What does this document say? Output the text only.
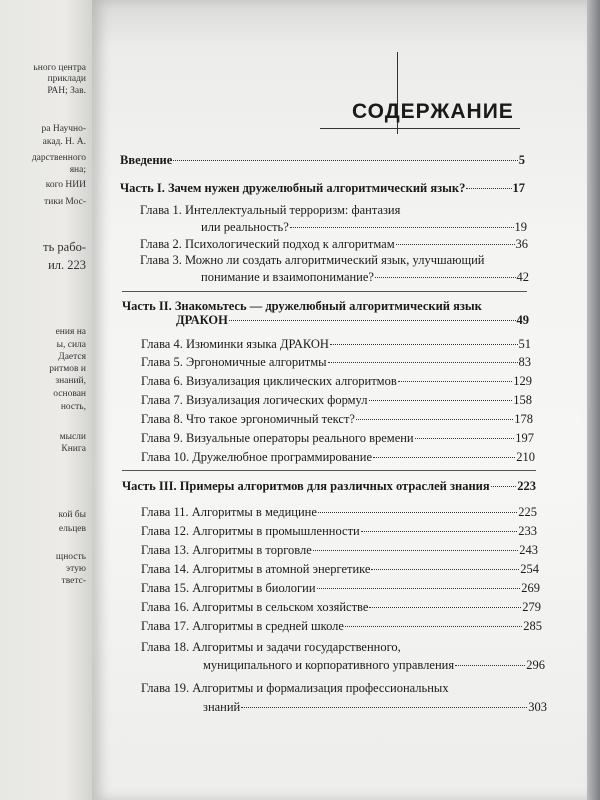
ьного центра
приклади
РАН; Зав.
ра Научно-
акад. Н. А.
дарственного
яна;
кого НИИ
тики Мос-
ть рабо-
ил. 223
ения на
ы, сила
Дается
ритмов и
знаний,
основан
ность,
мысли
Книга
кой бы
ельцев
щность
этую
тветс-
СОДЕРЖАНИЕ
Введение	5
Часть I. Зачем нужен дружелюбный алгоритмический язык?	17
Глава 1. Интеллектуальный терроризм: фантазия
или реальность?	19
Глава 2. Психологический подход к алгоритмам	36
Глава 3. Можно ли создать алгоритмический язык, улучшающий
понимание и взаимопонимание?	42
Часть II. Знакомьтесь — дружелюбный алгоритмический язык
ДРАКОН	49
Глава 4. Изюминки языка ДРАКОН	51
Глава 5. Эргономичные алгоритмы	83
Глава 6. Визуализация циклических алгоритмов	129
Глава 7. Визуализация логических формул	158
Глава 8. Что такое эргономичный текст?	178
Глава 9. Визуальные операторы реального времени	197
Глава 10. Дружелюбное программирование	210
Часть III. Примеры алгоритмов для различных отраслей знания 223
Глава 11. Алгоритмы в медицине	225
Глава 12. Алгоритмы в промышленности	233
Глава 13. Алгоритмы в торговле	243
Глава 14. Алгоритмы в атомной энергетике	254
Глава 15. Алгоритмы в биологии	269
Глава 16. Алгоритмы в сельском хозяйстве	279
Глава 17. Алгоритмы в средней школе	285
Глава 18. Алгоритмы и задачи государственного,
муниципального и корпоративного управления	296
Глава 19. Алгоритмы и формализация профессиональных
знаний	303
